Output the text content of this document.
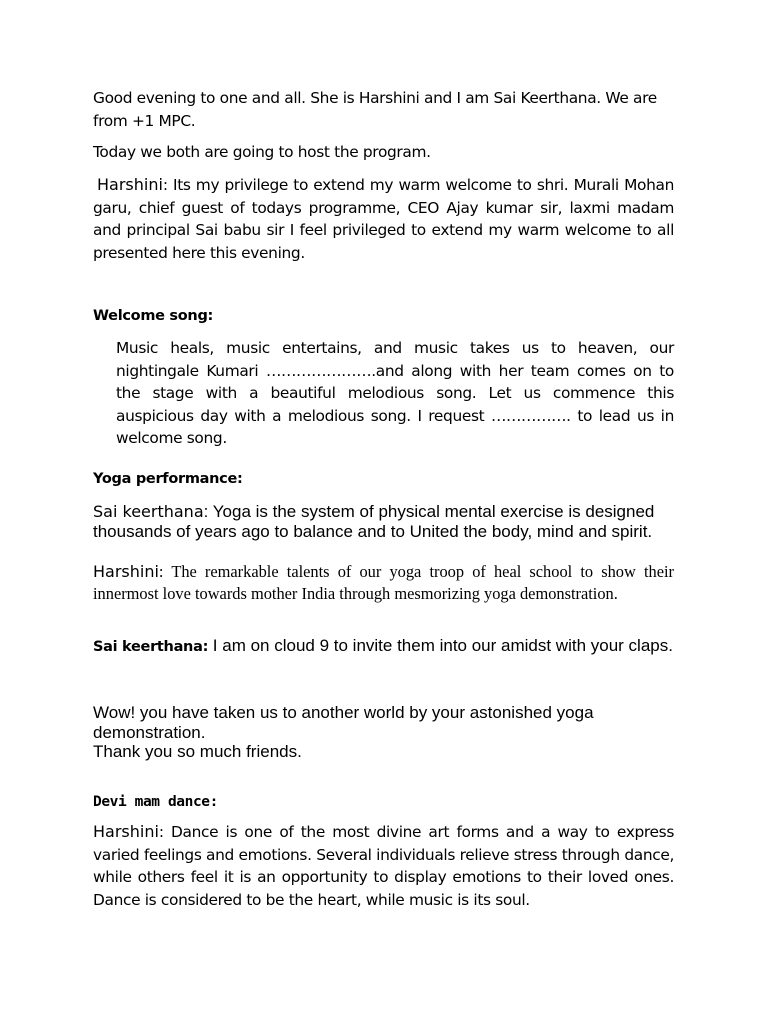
Good evening to one and all. She is Harshini and I am Sai Keerthana. We are from +1 MPC.

Today we both are going to host the program.

Harshini: Its my privilege to extend my warm welcome to shri. Murali Mohan garu, chief guest of todays programme, CEO Ajay kumar sir, laxmi madam and principal Sai babu sir I feel privileged to extend my warm welcome to all presented here this evening.

Welcome song:

Music heals, music entertains, and music takes us to heaven, our nightingale Kumari ………………….and along with her team comes on to the stage with a beautiful melodious song. Let us commence this auspicious day with a melodious song. I request ……………. to lead us in welcome song.

Yoga performance:

Sai keerthana: Yoga is the system of physical mental exercise is designed thousands of years ago to balance and to United the body, mind and spirit.

Harshini: The remarkable talents of our yoga troop of heal school to show their innermost love towards mother India through mesmorizing yoga demonstration.

Sai keerthana: I am on cloud 9 to invite them into our amidst with your claps.

Wow! you have taken us to another world by your astonished yoga demonstration.

Thank you so much friends.

Devi mam dance:

Harshini: Dance is one of the most divine art forms and a way to express varied feelings and emotions. Several individuals relieve stress through dance, while others feel it is an opportunity to display emotions to their loved ones. Dance is considered to be the heart, while music is its soul.
